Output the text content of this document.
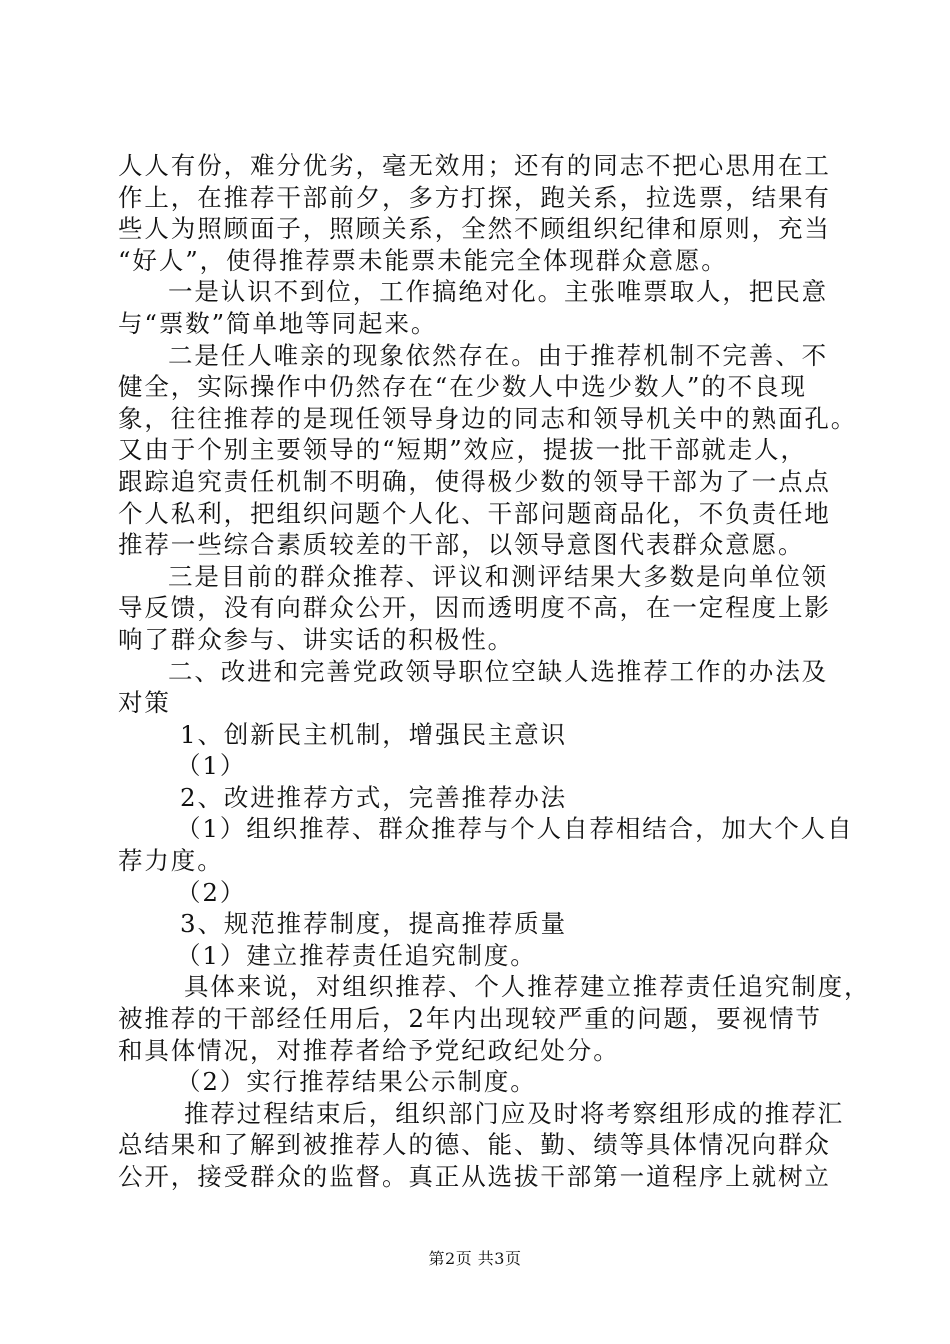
人人有份，难分优劣，毫无效用；还有的同志不把心思用在工
作上，在推荐干部前夕，多方打探，跑关系，拉选票，结果有
些人为照顾面子，照顾关系，全然不顾组织纪律和原则，充当
“好人”，使得推荐票未能票未能完全体现群众意愿。
一是认识不到位，工作搞绝对化。主张唯票取人，把民意
与“票数”简单地等同起来。
二是任人唯亲的现象依然存在。由于推荐机制不完善、不
健全，实际操作中仍然存在“在少数人中选少数人”的不良现
象，往往推荐的是现任领导身边的同志和领导机关中的熟面孔。
又由于个别主要领导的“短期”效应，提拔一批干部就走人，
跟踪追究责任机制不明确，使得极少数的领导干部为了一点点
个人私利，把组织问题个人化、干部问题商品化，不负责任地
推荐一些综合素质较差的干部，以领导意图代表群众意愿。
三是目前的群众推荐、评议和测评结果大多数是向单位领
导反馈，没有向群众公开，因而透明度不高，在一定程度上影
响了群众参与、讲实话的积极性。
二、改进和完善党政领导职位空缺人选推荐工作的办法及
对策
1、创新民主机制，增强民主意识
（1）
2、改进推荐方式，完善推荐办法
（1）组织推荐、群众推荐与个人自荐相结合，加大个人自
荐力度。
（2）
3、规范推荐制度，提高推荐质量
（1）建立推荐责任追究制度。
具体来说，对组织推荐、个人推荐建立推荐责任追究制度，
被推荐的干部经任用后，2年内出现较严重的问题，要视情节
和具体情况，对推荐者给予党纪政纪处分。
（2）实行推荐结果公示制度。
推荐过程结束后，组织部门应及时将考察组形成的推荐汇
总结果和了解到被推荐人的德、能、勤、绩等具体情况向群众
公开，接受群众的监督。真正从选拔干部第一道程序上就树立
第2页 共3页
